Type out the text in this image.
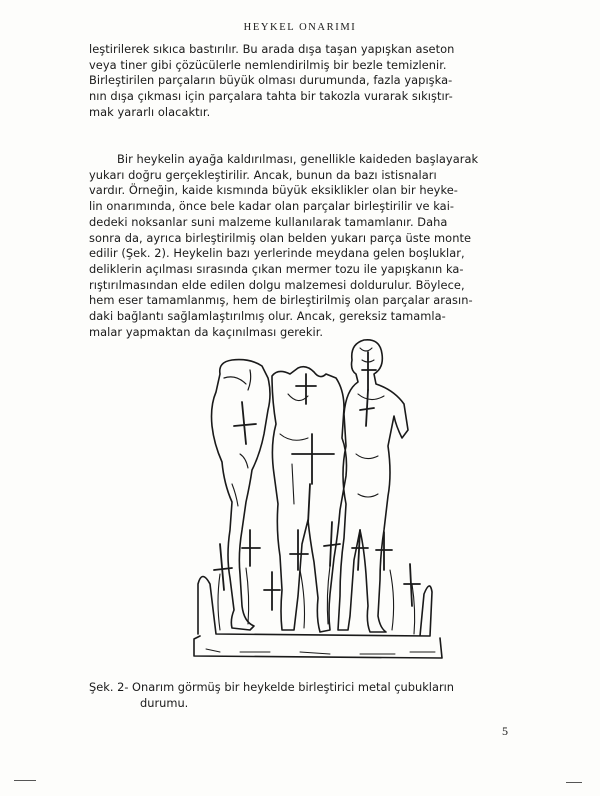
HEYKEL ONARIMI
leştirilerek sıkıca bastırılır. Bu arada dışa taşan yapışkan aseton
veya tiner gibi çözücülerle nemlendirilmiş bir bezle temizlenir.
Birleştirilen parçaların büyük olması durumunda, fazla yapışka-
nın dışa çıkması için parçalara tahta bir takozla vurarak sıkıştır-
mak yararlı olacaktır.
Bir heykelin ayağa kaldırılması, genellikle kaideden başlayarak
yukarı doğru gerçekleştirilir. Ancak, bunun da bazı istisnaları
vardır. Örneğin, kaide kısmında büyük eksiklikler olan bir heyke-
lin onarımında, önce bele kadar olan parçalar birleştirilir ve kai-
dedeki noksanlar suni malzeme kullanılarak tamamlanır. Daha
sonra da, ayrıca birleştirilmiş olan belden yukarı parça üste monte
edilir (Şek. 2). Heykelin bazı yerlerinde meydana gelen boşluklar,
deliklerin açılması sırasında çıkan mermer tozu ile yapışkanın ka-
rıştırılmasından elde edilen dolgu malzemesi doldurulur. Böylece,
hem eser tamamlanmış, hem de birleştirilmiş olan parçalar arasın-
daki bağlantı sağlamlaştırılmış olur. Ancak, gereksiz tamamla-
malar yapmaktan da kaçınılması gerekir.
Şek. 2- Onarım görmüş bir heykelde birleştirici metal çubukların
durumu.
5
